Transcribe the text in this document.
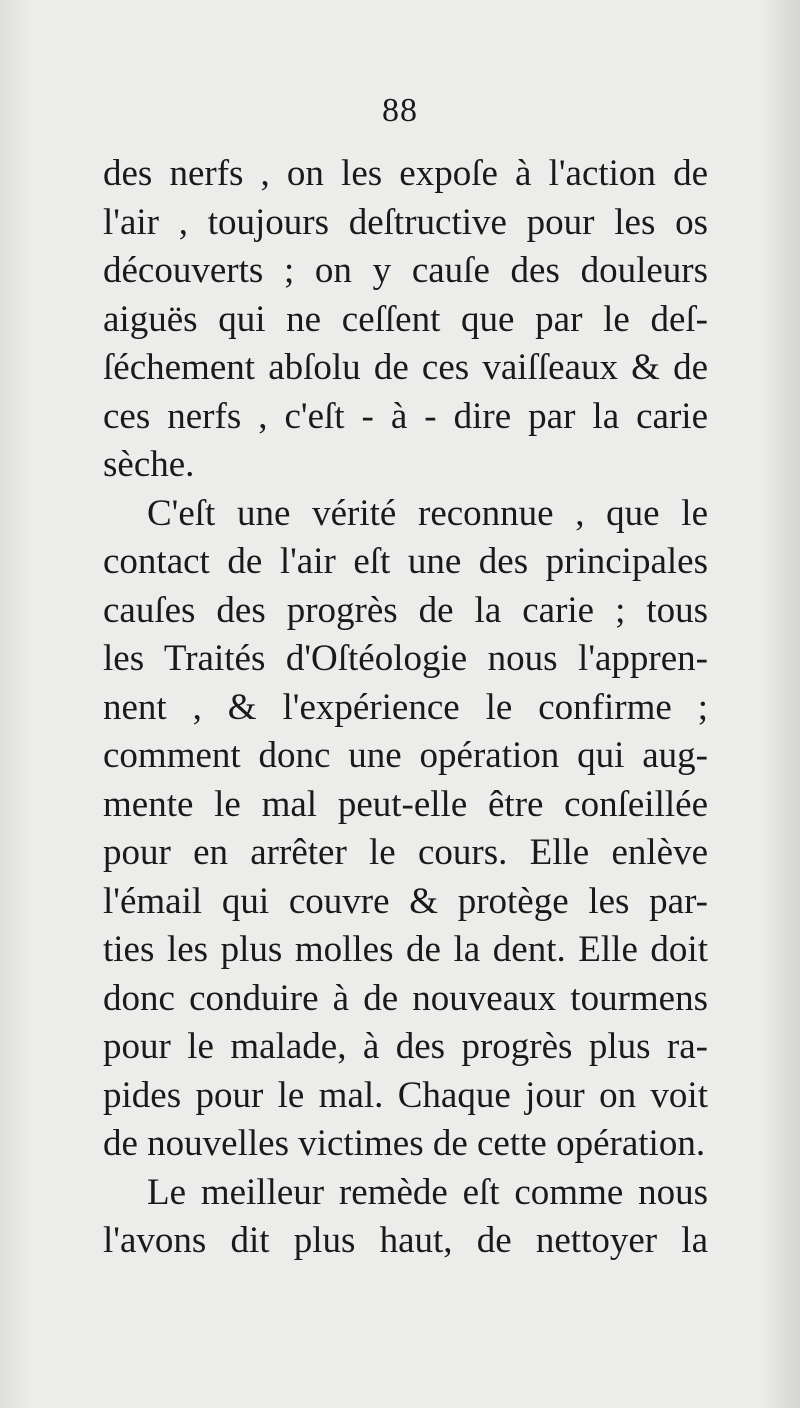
88
des nerfs , on les expoſe à l'action de
l'air , toujours deſtructive pour les os
découverts ; on y cauſe des douleurs
aiguës qui ne ceſſent que par le deſ-
ſéchement abſolu de ces vaiſſeaux & de
ces nerfs , c'eſt - à - dire par la carie
sèche.
C'eſt une vérité reconnue , que le
contact de l'air eſt une des principales
cauſes des progrès de la carie ; tous
les Traités d'Oſtéologie nous l'appren-
nent , & l'expérience le confirme ;
comment donc une opération qui aug-
mente le mal peut-elle être conſeillée
pour en arrêter le cours. Elle enlève
l'émail qui couvre & protège les par-
ties les plus molles de la dent. Elle doit
donc conduire à de nouveaux tourmens
pour le malade, à des progrès plus ra-
pides pour le mal. Chaque jour on voit
de nouvelles victimes de cette opération.
Le meilleur remède eſt comme nous
l'avons dit plus haut, de nettoyer la
